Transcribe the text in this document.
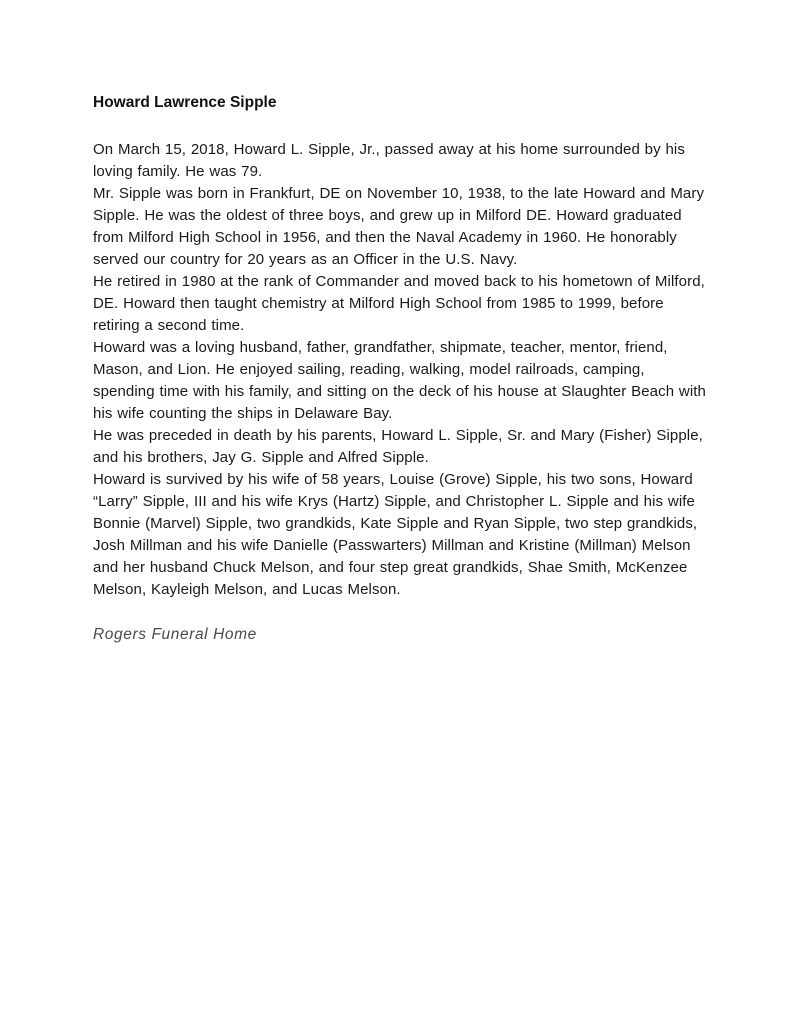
Howard Lawrence Sipple

On March 15, 2018, Howard L. Sipple, Jr., passed away at his home surrounded by his loving family. He was 79.

Mr. Sipple was born in Frankfurt, DE on November 10, 1938, to the late Howard and Mary Sipple. He was the oldest of three boys, and grew up in Milford DE. Howard graduated from Milford High School in 1956, and then the Naval Academy in 1960. He honorably served our country for 20 years as an Officer in the U.S. Navy.

He retired in 1980 at the rank of Commander and moved back to his hometown of Milford, DE. Howard then taught chemistry at Milford High School from 1985 to 1999, before retiring a second time.

Howard was a loving husband, father, grandfather, shipmate, teacher, mentor, friend, Mason, and Lion. He enjoyed sailing, reading, walking, model railroads, camping, spending time with his family, and sitting on the deck of his house at Slaughter Beach with his wife counting the ships in Delaware Bay.

He was preceded in death by his parents, Howard L. Sipple, Sr. and Mary (Fisher) Sipple, and his brothers, Jay G. Sipple and Alfred Sipple.

Howard is survived by his wife of 58 years, Louise (Grove) Sipple, his two sons, Howard “Larry” Sipple, III and his wife Krys (Hartz) Sipple, and Christopher L. Sipple and his wife Bonnie (Marvel) Sipple, two grandkids, Kate Sipple and Ryan Sipple, two step grandkids, Josh Millman and his wife Danielle (Passwarters) Millman and Kristine (Millman) Melson and her husband Chuck Melson, and four step great grandkids, Shae Smith, McKenzee Melson, Kayleigh Melson, and Lucas Melson.

Rogers Funeral Home
